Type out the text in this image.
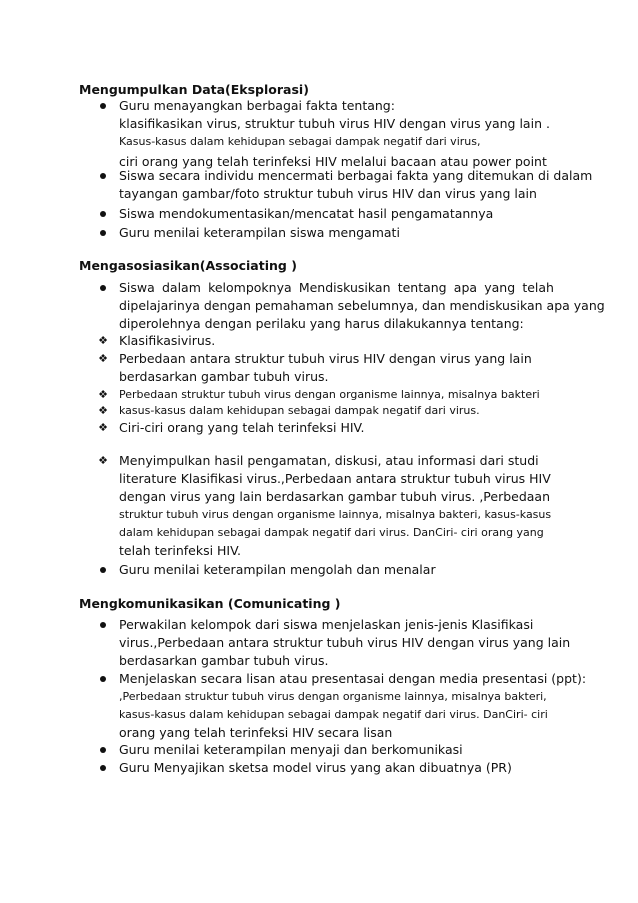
Mengumpulkan Data(Eksplorasi)
Guru menayangkan berbagai fakta tentang:
klasifikasikan virus, struktur tubuh virus HIV dengan virus yang lain .
Kasus-kasus dalam kehidupan sebagai dampak negatif dari virus,
ciri orang yang telah terinfeksi HIV melalui bacaan atau power point
Siswa secara individu mencermati berbagai fakta yang ditemukan di dalam
tayangan gambar/foto struktur tubuh virus HIV dan virus yang lain
Siswa mendokumentasikan/mencatat hasil pengamatannya
Guru menilai keterampilan siswa mengamati
Mengasosiasikan(Associating )
Siswa dalam kelompoknya Mendiskusikan tentang apa yang telah
dipelajarinya dengan pemahaman sebelumnya, dan mendiskusikan apa yang
diperolehnya dengan perilaku yang harus dilakukannya tentang:
❖ Klasifikasivirus.
❖ Perbedaan antara struktur tubuh virus HIV dengan virus yang lain
berdasarkan gambar tubuh virus.
❖	Perbedaan struktur tubuh virus dengan organisme lainnya, misalnya bakteri
❖	kasus-kasus dalam kehidupan sebagai dampak negatif dari virus.
❖ Ciri-ciri orang yang telah terinfeksi HIV.
❖ Menyimpulkan hasil pengamatan, diskusi, atau informasi dari studi
literature Klasifikasi virus.,Perbedaan antara struktur tubuh virus HIV
dengan virus yang lain berdasarkan gambar tubuh virus. ,Perbedaan
struktur tubuh virus dengan organisme lainnya, misalnya bakteri, kasus-kasus
dalam kehidupan sebagai dampak negatif dari virus. DanCiri- ciri orang yang
telah terinfeksi HIV.
Guru menilai keterampilan mengolah dan menalar
Mengkomunikasikan (Comunicating )
Perwakilan kelompok dari siswa menjelaskan jenis-jenis Klasifikasi
virus.,Perbedaan antara struktur tubuh virus HIV dengan virus yang lain
berdasarkan gambar tubuh virus.
Menjelaskan secara lisan atau presentasai dengan media presentasi (ppt):
,Perbedaan struktur tubuh virus dengan organisme lainnya, misalnya bakteri,
kasus-kasus dalam kehidupan sebagai dampak negatif dari virus. DanCiri- ciri
orang yang telah terinfeksi HIV secara lisan
Guru menilai keterampilan menyaji dan berkomunikasi
Guru Menyajikan sketsa model virus yang akan dibuatnya (PR)
